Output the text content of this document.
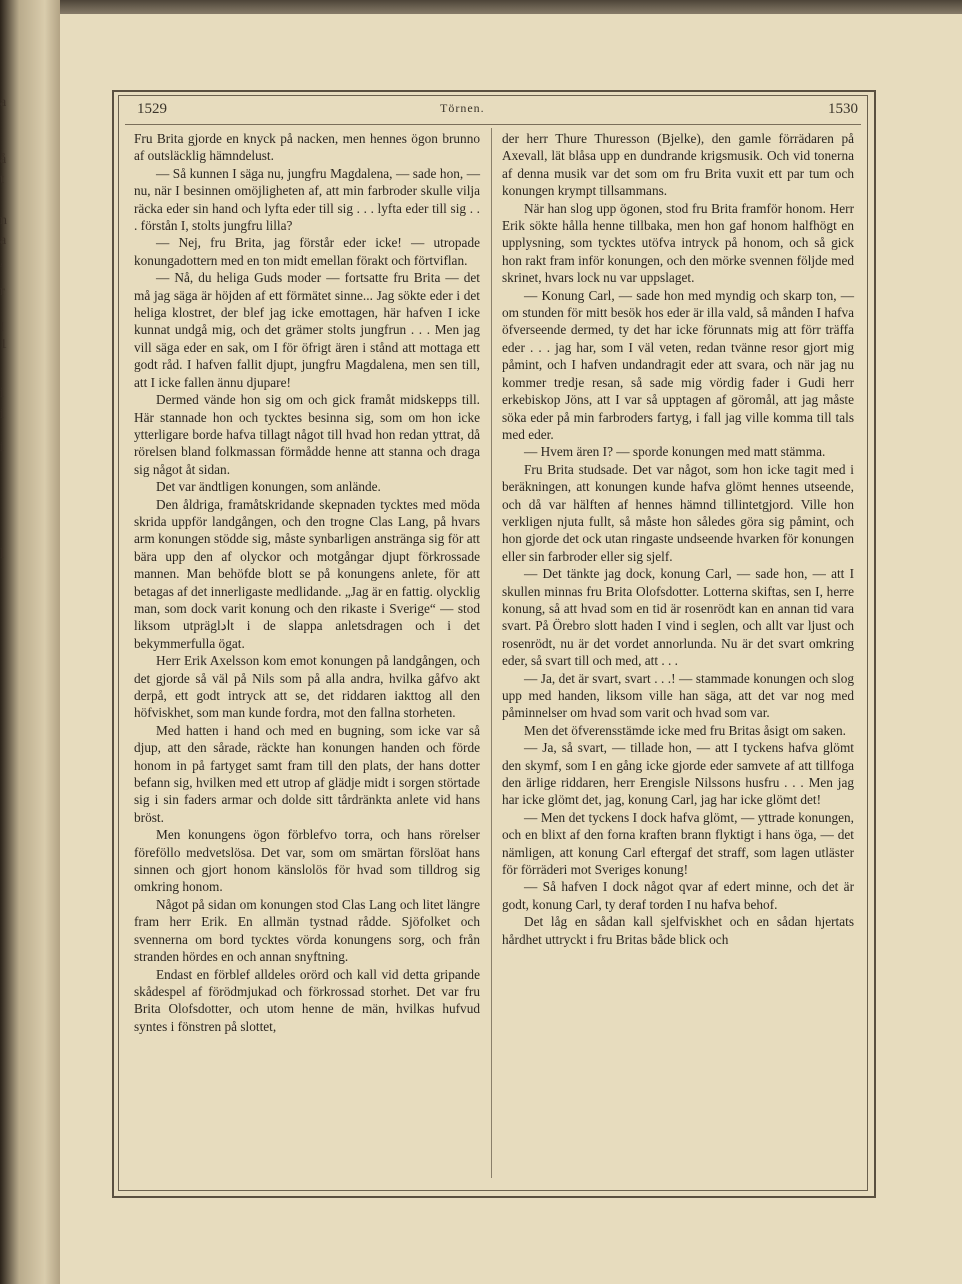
a
å
t
n
a
,
r
!
1
i
i
i
l
1529	Törnen.	1530

Fru Brita gjorde en knyck på nacken, men hennes ögon brunno af outsläcklig hämndelust.

— Så kunnen I säga nu, jungfru Magdalena, — sade hon, — nu, när I besinnen omöjligheten af, att min farbroder skulle vilja räcka eder sin hand och lyfta eder till sig . . . lyfta eder till sig . . . förstån I, stolts jungfru lilla?

— Nej, fru Brita, jag förstår eder icke! — utropade konungadottern med en ton midt emellan förakt och förtviflan.

— Nå, du heliga Guds moder — fortsatte fru Brita — det må jag säga är höjden af ett förmätet sinne... Jag sökte eder i det heliga klostret, der blef jag icke emottagen, här hafven I icke kunnat undgå mig, och det grämer stolts jungfrun . . . Men jag vill säga eder en sak, om I för öfrigt ären i stånd att mottaga ett godt råd. I hafven fallit djupt, jungfru Magdalena, men sen till, att I icke fallen ännu djupare!

Dermed vände hon sig om och gick framåt midskepps till. Här stannade hon och tycktes besinna sig, som om hon icke ytterligare borde hafva tillagt något till hvad hon redan yttrat, då rörelsen bland folkmassan förmådde henne att stanna och draga sig något åt sidan.

Det var ändtligen konungen, som anlände.

Den åldriga, framåtskridande skepnaden tycktes med möda skrida uppför landgången, och den trogne Clas Lang, på hvars arm konungen stödde sig, måste synbarligen anstränga sig för att bära upp den af olyckor och motgångar djupt förkrossade mannen. Man behöfde blott se på konungens anlete, för att betagas af det innerligaste medlidande. „Jag är en fattig. olycklig man, som dock varit konung och den rikaste i Sverige“ — stod liksom utpräglادt i de slappa anletsdragen och i det bekymmerfulla ögat.

Herr Erik Axelsson kom emot konungen på landgången, och det gjorde så väl på Nils som på alla andra, hvilka gåfvo akt derpå, ett godt intryck att se, det riddaren iakttog all den höfviskhet, som man kunde fordra, mot den fallna storheten.

Med hatten i hand och med en bugning, som icke var så djup, att den sårade, räckte han konungen handen och förde honom in på fartyget samt fram till den plats, der hans dotter befann sig, hvilken med ett utrop af glädje midt i sorgen störtade sig i sin faders armar och dolde sitt tårdränkta anlete vid hans bröst.

Men konungens ögon förblefvo torra, och hans rörelser föreföllo medvetslösa. Det var, som om smärtan förslöat hans sinnen och gjort honom känslolös för hvad som tilldrog sig omkring honom.

Något på sidan om konungen stod Clas Lang och litet längre fram herr Erik. En allmän tystnad rådde. Sjöfolket och svennerna om bord tycktes vörda konungens sorg, och från stranden hördes en och annan snyftning.

Endast en förblef alldeles orörd och kall vid detta gripande skådespel af förödmjukad och förkrossad storhet. Det var fru Brita Olofsdotter, och utom henne de män, hvilkas hufvud syntes i fönstren på slottet,

der herr Thure Thuresson (Bjelke), den gamle förrädaren på Axevall, lät blåsa upp en dundrande krigsmusik. Och vid tonerna af denna musik var det som om fru Brita vuxit ett par tum och konungen krympt tillsammans.

När han slog upp ögonen, stod fru Brita framför honom. Herr Erik sökte hålla henne tillbaka, men hon gaf honom halfhögt en upplysning, som tycktes utöfva intryck på honom, och så gick hon rakt fram inför konungen, och den mörke svennen följde med skrinet, hvars lock nu var uppslaget.

— Konung Carl, — sade hon med myndig och skarp ton, — om stunden för mitt besök hos eder är illa vald, så månden I hafva öfverseende dermed, ty det har icke förunnats mig att förr träffa eder . . . jag har, som I väl veten, redan tvänne resor gjort mig påmint, och I hafven undandragit eder att svara, och när jag nu kommer tredje resan, så sade mig vördig fader i Gudi herr erkebiskop Jöns, att I var så upptagen af göromål, att jag måste söka eder på min farbroders fartyg, i fall jag ville komma till tals med eder.

— Hvem ären I? — sporde konungen med matt stämma.

Fru Brita studsade. Det var något, som hon icke tagit med i beräkningen, att konungen kunde hafva glömt hennes utseende, och då var hälften af hennes hämnd tillintetgjord. Ville hon verkligen njuta fullt, så måste hon således göra sig påmint, och hon gjorde det ock utan ringaste undseende hvarken för konungen eller sin farbroder eller sig sjelf.

— Det tänkte jag dock, konung Carl, — sade hon, — att I skullen minnas fru Brita Olofsdotter. Lotterna skiftas, sen I, herre konung, så att hvad som en tid är rosenrödt kan en annan tid vara svart. På Örebro slott haden I vind i seglen, och allt var ljust och rosenrödt, nu är det vordet annorlunda. Nu är det svart omkring eder, så svart till och med, att . . .

— Ja, det är svart, svart . . .! — stammade konungen och slog upp med handen, liksom ville han säga, att det var nog med påminnelser om hvad som varit och hvad som var.

Men det öfverensstämde icke med fru Britas åsigt om saken.

— Ja, så svart, — tillade hon, — att I tyckens hafva glömt den skymf, som I en gång icke gjorde eder samvete af att tillfoga den ärlige riddaren, herr Erengisle Nilssons husfru . . . Men jag har icke glömt det, jag, konung Carl, jag har icke glömt det!

— Men det tyckens I dock hafva glömt, — yttrade konungen, och en blixt af den forna kraften brann flyktigt i hans öga, — det nämligen, att konung Carl eftergaf det straff, som lagen utläster för förräderi mot Sveriges konung!

— Så hafven I dock något qvar af edert minne, och det är godt, konung Carl, ty deraf torden I nu hafva behof.

Det låg en sådan kall sjelfviskhet och en sådan hjertats hårdhet uttryckt i fru Britas både blick och
